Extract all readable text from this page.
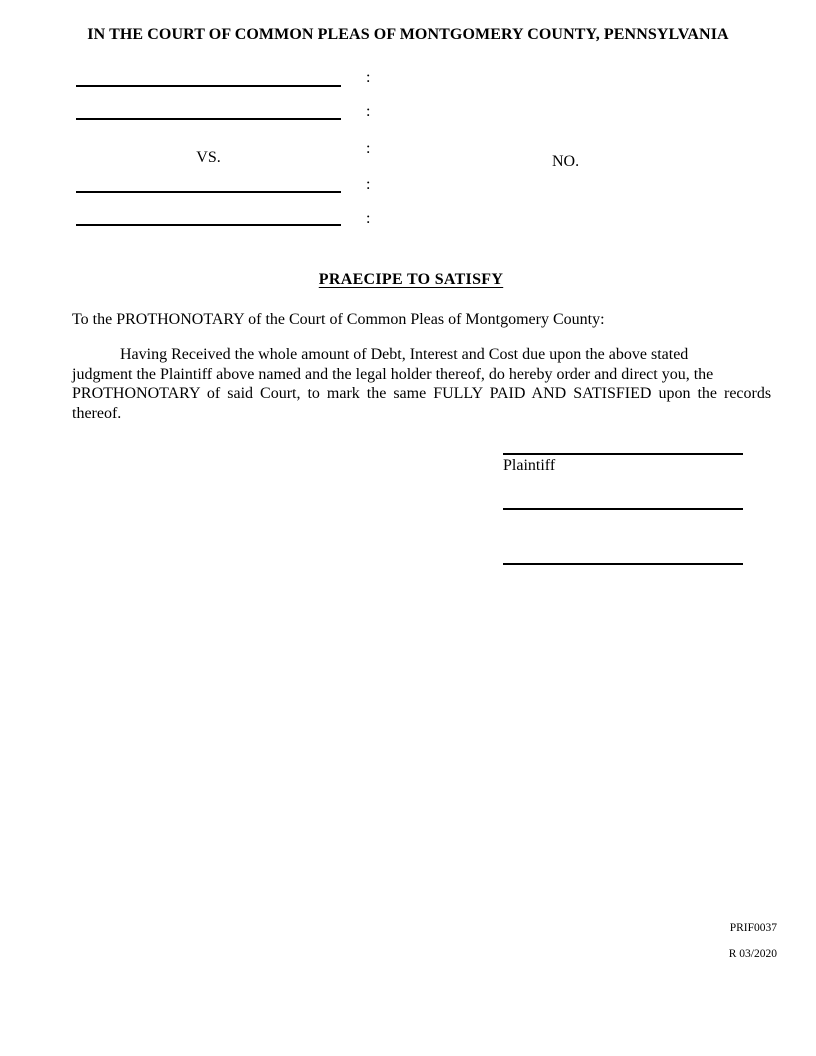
IN THE COURT OF COMMON PLEAS OF MONTGOMERY COUNTY, PENNSYLVANIA
:
:
:
:
:
VS.	NO.
PRAECIPE TO SATISFY
To the PROTHONOTARY of the Court of Common Pleas of Montgomery County:
Having Received the whole amount of Debt, Interest and Cost due upon the above stated
judgment the Plaintiff above named and the legal holder thereof, do hereby order and direct you, the
PROTHONOTARY of said Court, to mark the same FULLY PAID AND SATISFIED upon the records
thereof.
Plaintiff
PRIF0037
R 03/2020
